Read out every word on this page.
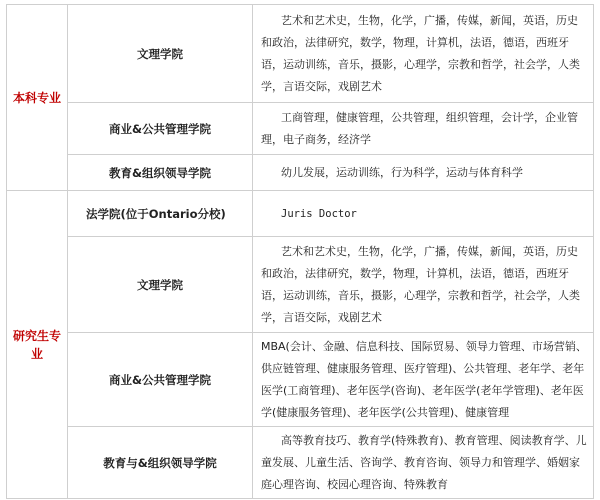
本科专业	文理学院	艺术和艺术史，生物，化学，广播，传媒，新闻，英语，历史和政治，法律研究，数学，物理，计算机，法语，德语，西班牙语，运动训练，音乐，摄影，心理学，宗教和哲学，社会学，人类学，言语交际，戏剧艺术
	商业&公共管理学院	工商管理，健康管理，公共管理，组织管理，会计学，企业管理，电子商务，经济学
	教育&组织领导学院	幼儿发展，运动训练，行为科学，运动与体育科学
研究生专业	法学院(位于Ontario分校)	Juris Doctor
	文理学院	艺术和艺术史，生物，化学，广播，传媒，新闻，英语，历史和政治，法律研究，数学，物理，计算机，法语，德语，西班牙语，运动训练，音乐，摄影，心理学，宗教和哲学，社会学，人类学，言语交际，戏剧艺术
	商业&公共管理学院	MBA(会计、金融、信息科技、国际贸易、领导力管理、市场营销、供应链管理、健康服务管理、医疗管理)、公共管理、老年学、老年医学(工商管理)、老年医学(咨询)、老年医学(老年学管理)、老年医学(健康服务管理)、老年医学(公共管理)、健康管理
	教育与&组织领导学院	高等教育技巧、教育学(特殊教育)、教育管理、阅读教育学、儿童发展、儿童生活、咨询学、教育咨询、领导力和管理学、婚姻家庭心理咨询、校园心理咨询、特殊教育
